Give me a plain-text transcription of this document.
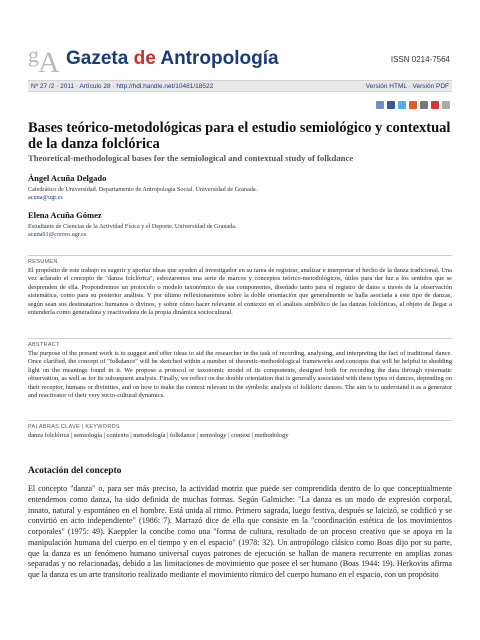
g A Gazeta de Antropología	ISSN 0214-7564
Nº 27 /2 · 2011 · Artículo 28 · http://hdl.handle.net/10481/18522	Versión HTML · Versión PDF
Bases teórico-metodológicas para el estudio semiológico y contextual de la danza folclórica
Theoretical-methodological bases for the semiological and contextual study of folkdance
Ángel Acuña Delgado
Catedrático de Universidad. Departamento de Antropología Social. Universidad de Granada.
acuna@ugr.es
Elena Acuña Gómez
Estudiante de Ciencias de la Actividad Física y el Deporte. Universidad de Granada.
acuna91@correo.ugr.es
RESUMEN
El propósito de este trabajo es sugerir y aportar ideas que ayuden al investigador en su tarea de registrar, analizar e interpretar el hecho de la danza tradicional. Una vez aclarado el concepto de "danza folclórica", esbozaremos una serie de marcos y conceptos teórico-metodológicos, útiles para dar luz a los sentidos que se desprenden de ella. Propondremos un protocolo o modelo taxonómico de sus componentes, diseñado tanto para el registro de datos a través de la observación sistemática, como para su posterior análisis. Y por último reflexionaremos sobre la doble orientación que generalmente se halla asociada a este tipo de danzas, según sean sus destinatarios: humanos o divinos, y sobre cómo hacer relevante el contexto en el análisis simbólico de las danzas folclóricas, al objeto de llegar a entenderla como generadora y reactivadora de la propia dinámica sociocultural.
ABSTRACT
The purpose of the present work is to suggest and offer ideas to aid the researcher in the task of recording, analysing, and interpreting the fact of traditional dance. Once clarified, the concept of "folkdance" will be sketched within a number of theoretic-methodological frameworks and concepts that will be helpful in shedding light on the meanings found in it. We propose a protocol or taxonomic model of its components, designed both for recording the data through systematic observation, as well as for its subsequent analysis. Finally, we reflect on the double orientation that is generally associated with these types of dances, depending on their receptor, humans or divinities, and on how to make the context relevant in the symbolic analysis of folkloric dances. The aim is to understand it as a generator and reactivator of their very socio-cultural dynamics.
PALABRAS CLAVE | KEYWORDS
danza folclórica | semiología | contexto | metodología | folkdance | semiology | context | methodology
Acotación del concepto
El concepto "danza" o, para ser más preciso, la actividad motriz que puede ser comprendida dentro de lo que conceptualmente entendemos como danza, ha sido definida de muchas formas. Según Galmiche: "La danza es un modo de expresión corporal, innato, natural y espontáneo en el hombre. Está unida al ritmo. Primero sagrada, luego festiva, después se laicizó, se codificó y se convirtió en acto independiente" (1986: 7). Marrazó dice de ella que consiste en la "coordinación estética de los movimientos corporales" (1975: 49). Kaeppler la concibe como una "forma de cultura, resultado de un proceso creativo que se apoya en la manipulación humana del cuerpo en el tiempo y en el espacio" (1978: 32). Un antropólogo clásico como Boas dijo por su parte, que la danza es un fenómeno humano universal cuyos patrones de ejecución se hallan de manera recurrente en amplias zonas separadas y no relacionadas, debido a las limitaciones de movimiento que posee el ser humano (Boas 1944: 19). Herkovits afirma que la danza es un arte transitorio realizado mediante el movimiento rítmico del cuerpo humano en el espacio, con un propósito
